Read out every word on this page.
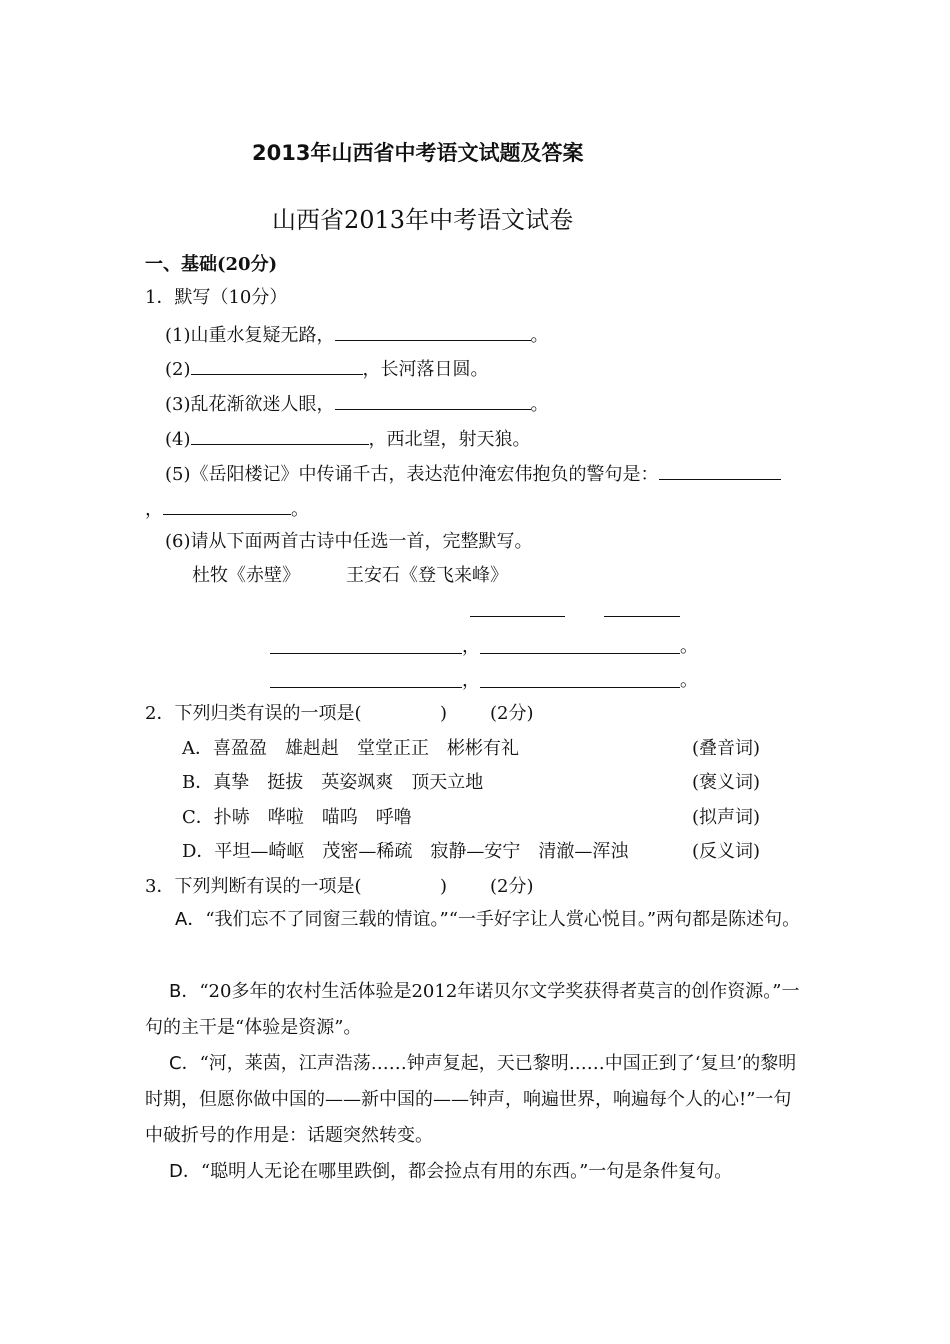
2013年山西省中考语文试题及答案
山西省2013年中考语文试卷
一、基础(20分)
1．默写（10分）
(1)山重水复疑无路，	。
(2)	，长河落日圆。
(3)乱花渐欲迷人眼，	。
(4)	，西北望，射天狼。
(5)《岳阳楼记》中传诵千古，表达范仲淹宏伟抱负的警句是：
，	。
(6)请从下面两首古诗中任选一首，完整默写。
杜牧《赤壁》	王安石《登飞来峰》
，	。
，	。
2．下列归类有误的一项是(	) (2分)
A．喜盈盈　雄赳赳　堂堂正正　彬彬有礼	(叠音词)
B．真挚　挺拔　英姿飒爽　顶天立地	(褒义词)
C．扑哧　哗啦　喵呜　呼噜	(拟声词)
D．平坦—崎岖　茂密—稀疏　寂静—安宁　清澈—浑浊	(反义词)
3．下列判断有误的一项是(	) (2分)
A．“我们忘不了同窗三载的情谊。”“一手好字让人赏心悦目。”两句都是陈述句。
B．“20多年的农村生活体验是2012年诺贝尔文学奖获得者莫言的创作资源。”一句的主干是“体验是资源”。
C．“河，莱茵，江声浩荡……钟声复起，天已黎明……中国正到了‘复旦’的黎明时期，但愿你做中国的——新中国的——钟声，响遍世界，响遍每个人的心!”一句中破折号的作用是：话题突然转变。
D．“聪明人无论在哪里跌倒，都会捡点有用的东西。”一句是条件复句。
